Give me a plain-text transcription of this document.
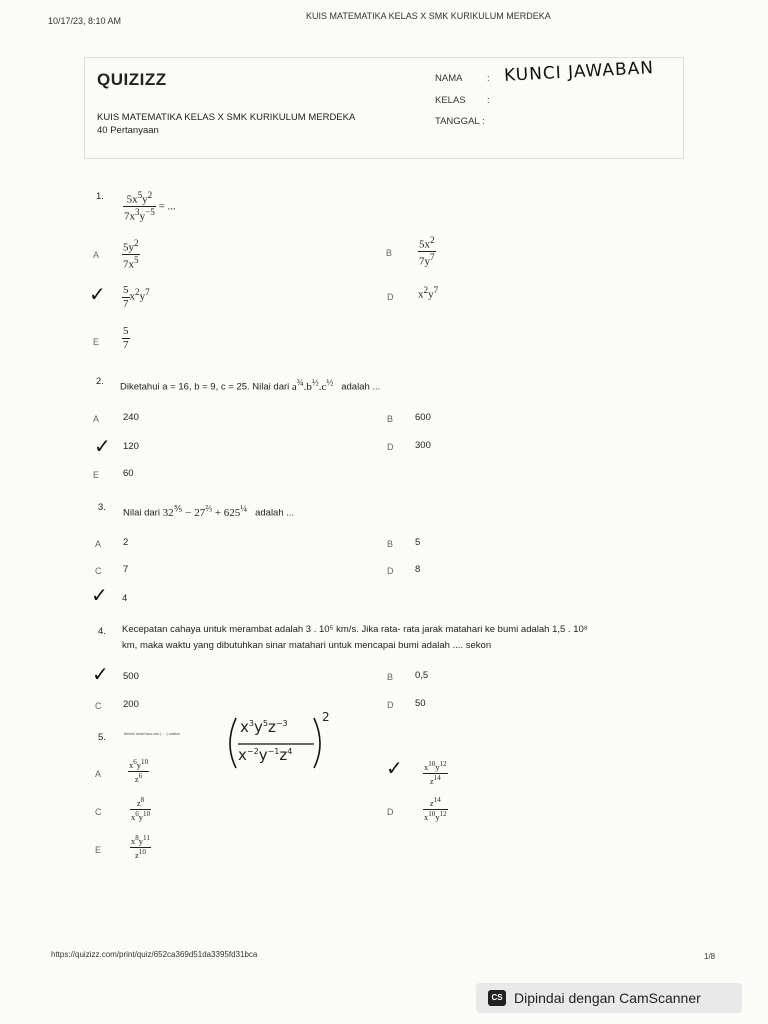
10/17/23, 8:10 AM	KUIS MATEMATIKA KELAS X SMK KURIKULUM MERDEKA
QUIZIZZ
KUIS MATEMATIKA KELAS X SMK KURIKULUM MERDEKA
40 Pertanyaan
NAMA	: KUNCI JAWABAN
KELAS :
TANGGAL :
1. $\frac{5x^5y^2}{7x^3y^{-5}}$ = ...
A $\frac{5y^2}{7x^5}$	B $\frac{5x^2}{7y^7}$
✓ $\frac{5}{7} x^2y^7$	D $x^2y^7$
E $\frac{5}{7}$
2.
Diketahui a = 16, b = 9, c = 25. Nilai dari $a^{\frac{3}{4}}.b^{\frac{1}{2}}.c^{\frac{1}{2}}$ adalah ...
A	240	B 600
✓ 120	D 300
E	60
3.
Nilai dari $32^{\frac{3}{5}} - 27^{\frac{2}{3}} + 625^{\frac{1}{4}}$ adalah ...
A 2	B 5
C 7	D 8
✓ 4
4. Kecepatan cahaya untuk merambat adalah 3 . 10⁵ km/s. Jika rata- rata jarak matahari ke bumi adalah 1,5 . 10⁸
km, maka waktu yang dibutuhkan sinar matahari untuk mencapai bumi adalah .... sekon
✓ 500	B 0,5
C 200	D 50
5.	Bentuk sederhana dari ( ... )² adalah	$x^3y^5z^{-3}$
$x^{-2}y^{-1}z^4$
2
A	$\frac{x^6y^{10}}{z^6}$	✓ $\frac{x^{10}y^{12}}{z^{14}}$
C	$\frac{z^8}{x^6y^{10}}$	D	$\frac{z^{14}}{x^{10}y^{12}}$
E	$\frac{x^8y^{11}}{z^{10}}$
https://quizizz.com/print/quiz/652ca369d51da3395fd31bca	1/8
CS Dipindai dengan CamScanner
